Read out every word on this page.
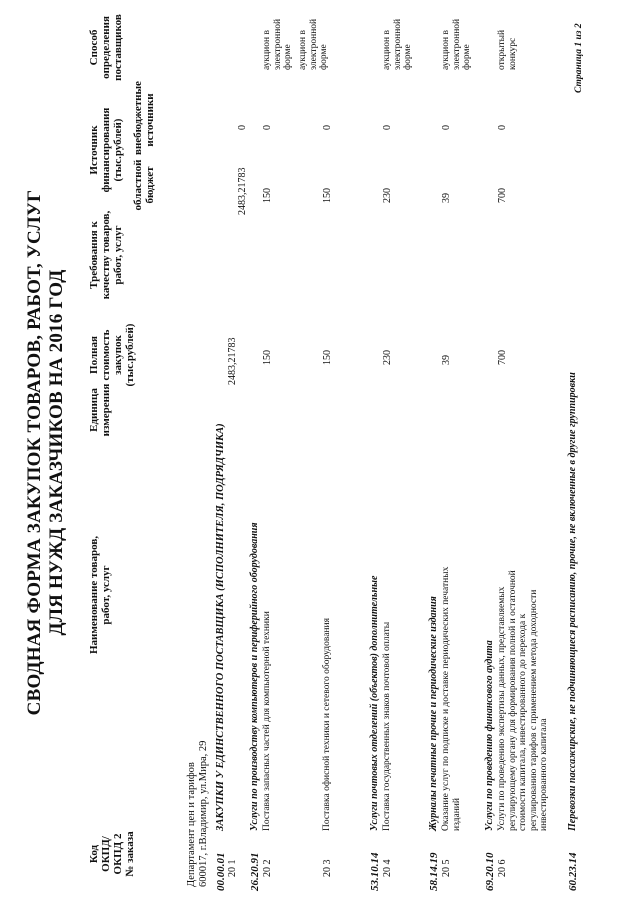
СВОДНАЯ ФОРМА ЗАКУПОК ТОВАРОВ, РАБОТ, УСЛУГ ДЛЯ НУЖД ЗАКАЗЧИКОВ НА 2016 ГОД
Код ОКПД/ ОКПД 2 № заказа
Наименование товаров, работ, услуг
Единица измерения
Полная стоимость закупок (тыс.рублей)
Требования к качеству товаров, работ, услуг
Источник финансирования (тыс.рублей)
областной бюджет
внебюджетные источники
Способ определения поставщиков
Департамент цен и тарифов 600017, г.Владимир, ул.Мира, 29 00.00.01
ЗАКУПКИ У ЕДИНСТВЕННОГО ПОСТАВЩИКА (ИСПОЛНИТЕЛЯ, ПОДРЯДЧИКА)
20 1
2483,21783
2483,21783
0
26.20.91
Услуги по производству компьютеров и периферийного оборудования
20 2
Поставка запасных частей для компьютерной техники
150
150
0
аукцион в электронной форме
20 3
Поставка офисной техники и сетевого оборудования
150
150
0
аукцион в электронной форме
53.10.14
Услуги почтовых отделений (объектов) дополнительные
20 4
Поставка государственных знаков почтовой оплаты
230
230
0
аукцион в электронной форме
58.14.19
Журналы печатные прочие и периодические издания
20 5
Оказание услуг по подписке и доставке периодических печатных изданий
39
39
0
аукцион в электронной форме
69.20.10
Услуги по проведению финансового аудита
20 6
Услуги по проведению экспертизы данных, представляемых регулирующему органу для формирования полной и остаточной стоимости капитала, инвестированного до перехода к регулированию тарифов с применением метода доходности инвестированного капитала
700
700
0
открытый конкурс
60.23.14
Перевозки пассажирские, не подчиняющиеся расписанию, прочие, не включенные в другие группировки
Страница 1 из 2
